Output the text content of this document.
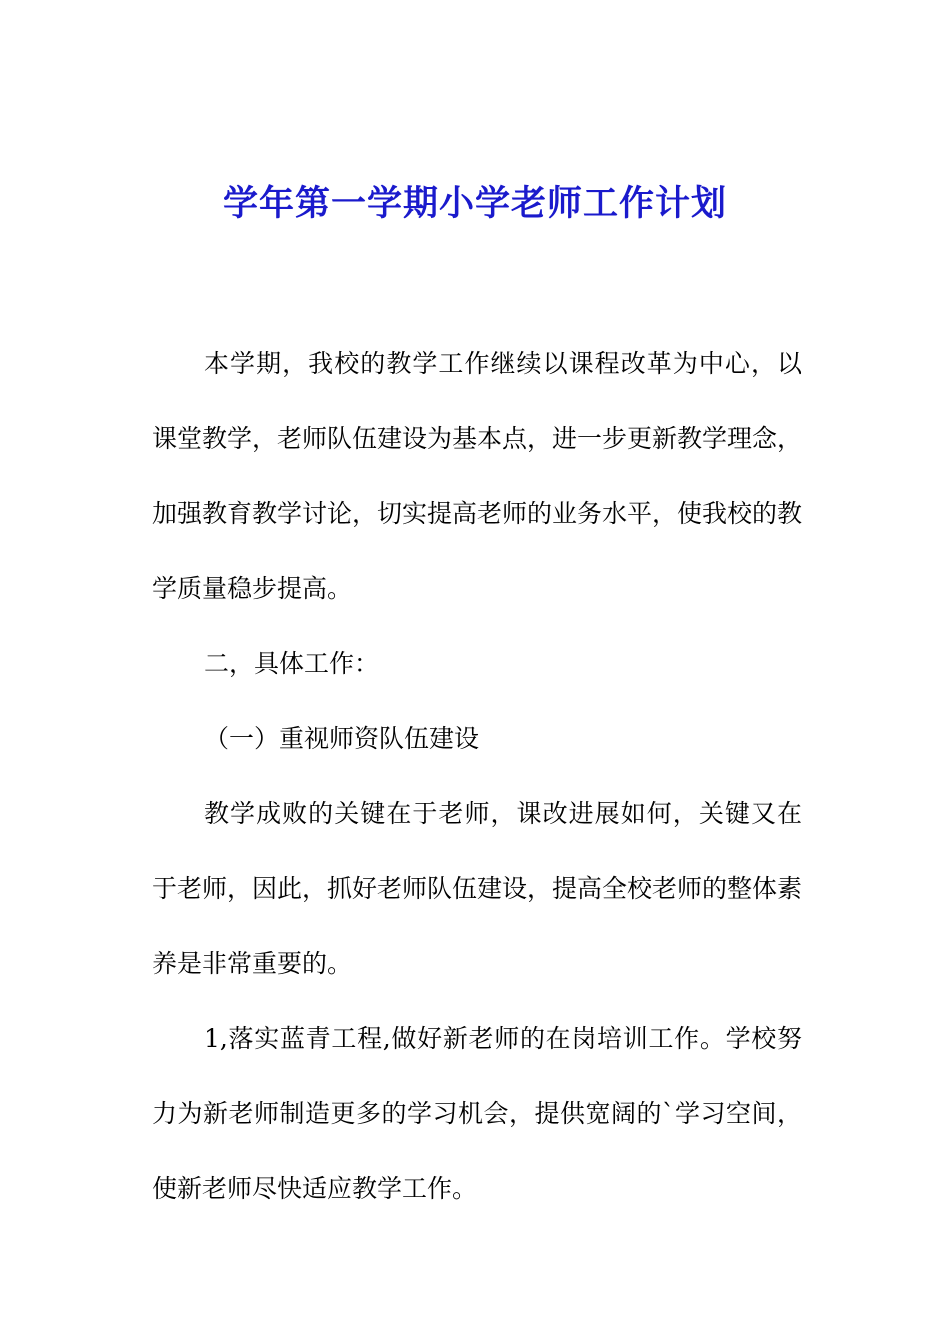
学年第一学期小学老师工作计划

本学期，我校的教学工作继续以课程改革为中心，以课堂教学，老师队伍建设为基本点，进一步更新教学理念，加强教育教学讨论，切实提高老师的业务水平，使我校的教学质量稳步提高。

二，具体工作：

（一）重视师资队伍建设

教学成败的关键在于老师，课改进展如何，关键又在于老师，因此，抓好老师队伍建设，提高全校老师的整体素养是非常重要的。

1,落实蓝青工程,做好新老师的在岗培训工作。学校努力为新老师制造更多的学习机会，提供宽阔的`学习空间，使新老师尽快适应教学工作。
